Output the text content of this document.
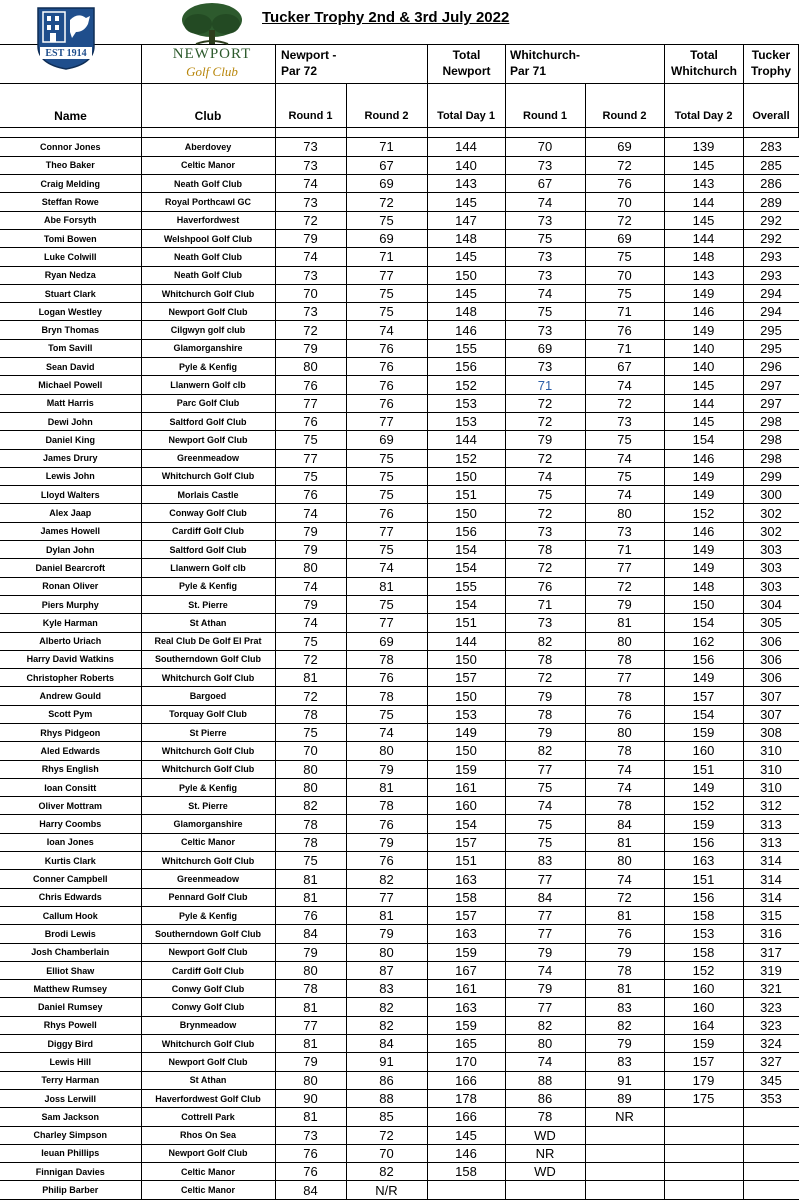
EST 1914	NEWPORT
Golf Club
Tucker Trophy 2nd & 3rd July 2022
Newport -
Par 72
Total
Newport
Whitchurch-
Par 71
Total
Whitchurch
Tucker
Trophy
Name	Club	Round 1	Round 2	Total Day 1	Round 1	Round 2	Total Day 2	Overall
Connor Jones	Aberdovey	73	71	144	70	69	139	283
Theo Baker	Celtic Manor	73	67	140	73	72	145	285
Craig Melding	Neath Golf Club	74	69	143	67	76	143	286
Steffan Rowe	Royal Porthcawl GC	73	72	145	74	70	144	289
Abe Forsyth	Haverfordwest	72	75	147	73	72	145	292
Tomi Bowen	Welshpool Golf Club	79	69	148	75	69	144	292
Luke Colwill	Neath Golf Club	74	71	145	73	75	148	293
Ryan Nedza	Neath Golf Club	73	77	150	73	70	143	293
Stuart Clark	Whitchurch Golf Club	70	75	145	74	75	149	294
Logan Westley	Newport Golf Club	73	75	148	75	71	146	294
Bryn Thomas	Cilgwyn golf club	72	74	146	73	76	149	295
Tom Savill	Glamorganshire	79	76	155	69	71	140	295
Sean David	Pyle & Kenfig	80	76	156	73	67	140	296
Michael Powell	Llanwern Golf clb	76	76	152	71	74	145	297
Matt Harris	Parc Golf Club	77	76	153	72	72	144	297
Dewi John	Saltford Golf Club	76	77	153	72	73	145	298
Daniel King	Newport Golf Club	75	69	144	79	75	154	298
James Drury	Greenmeadow	77	75	152	72	74	146	298
Lewis John	Whitchurch Golf Club	75	75	150	74	75	149	299
Lloyd Walters	Morlais Castle	76	75	151	75	74	149	300
Alex Jaap	Conway Golf Club	74	76	150	72	80	152	302
James Howell	Cardiff Golf Club	79	77	156	73	73	146	302
Dylan John	Saltford Golf Club	79	75	154	78	71	149	303
Daniel Bearcroft	Llanwern Golf clb	80	74	154	72	77	149	303
Ronan Oliver	Pyle & Kenfig	74	81	155	76	72	148	303
Piers Murphy	St. Pierre	79	75	154	71	79	150	304
Kyle Harman	St Athan	74	77	151	73	81	154	305
Alberto Uriach	Real Club De Golf El Prat	75	69	144	82	80	162	306
Harry David Watkins	Southerndown Golf Club	72	78	150	78	78	156	306
Christopher Roberts	Whitchurch Golf Club	81	76	157	72	77	149	306
Andrew Gould	Bargoed	72	78	150	79	78	157	307
Scott Pym	Torquay Golf Club	78	75	153	78	76	154	307
Rhys Pidgeon	St Pierre	75	74	149	79	80	159	308
Aled Edwards	Whitchurch Golf Club	70	80	150	82	78	160	310
Rhys English	Whitchurch Golf Club	80	79	159	77	74	151	310
Ioan Consitt	Pyle & Kenfig	80	81	161	75	74	149	310
Oliver Mottram	St. Pierre	82	78	160	74	78	152	312
Harry Coombs	Glamorganshire	78	76	154	75	84	159	313
Ioan Jones	Celtic Manor	78	79	157	75	81	156	313
Kurtis Clark	Whitchurch Golf Club	75	76	151	83	80	163	314
Conner Campbell	Greenmeadow	81	82	163	77	74	151	314
Chris Edwards	Pennard Golf Club	81	77	158	84	72	156	314
Callum Hook	Pyle & Kenfig	76	81	157	77	81	158	315
Brodi Lewis	Southerndown Golf Club	84	79	163	77	76	153	316
Josh Chamberlain	Newport Golf Club	79	80	159	79	79	158	317
Elliot Shaw	Cardiff Golf Club	80	87	167	74	78	152	319
Matthew Rumsey	Conwy Golf Club	78	83	161	79	81	160	321
Daniel Rumsey	Conwy Golf Club	81	82	163	77	83	160	323
Rhys Powell	Brynmeadow	77	82	159	82	82	164	323
Diggy Bird	Whitchurch Golf Club	81	84	165	80	79	159	324
Lewis Hill	Newport Golf Club	79	91	170	74	83	157	327
Terry Harman	St Athan	80	86	166	88	91	179	345
Joss Lerwill	Haverfordwest Golf Club	90	88	178	86	89	175	353
Sam Jackson	Cottrell Park	81	85	166	78	NR		
Charley Simpson	Rhos On Sea	73	72	145	WD			
Ieuan Phillips	Newport Golf Club	76	70	146	NR			
Finnigan Davies	Celtic Manor	76	82	158	WD			
Philip Barber	Celtic Manor	84	N/R					
